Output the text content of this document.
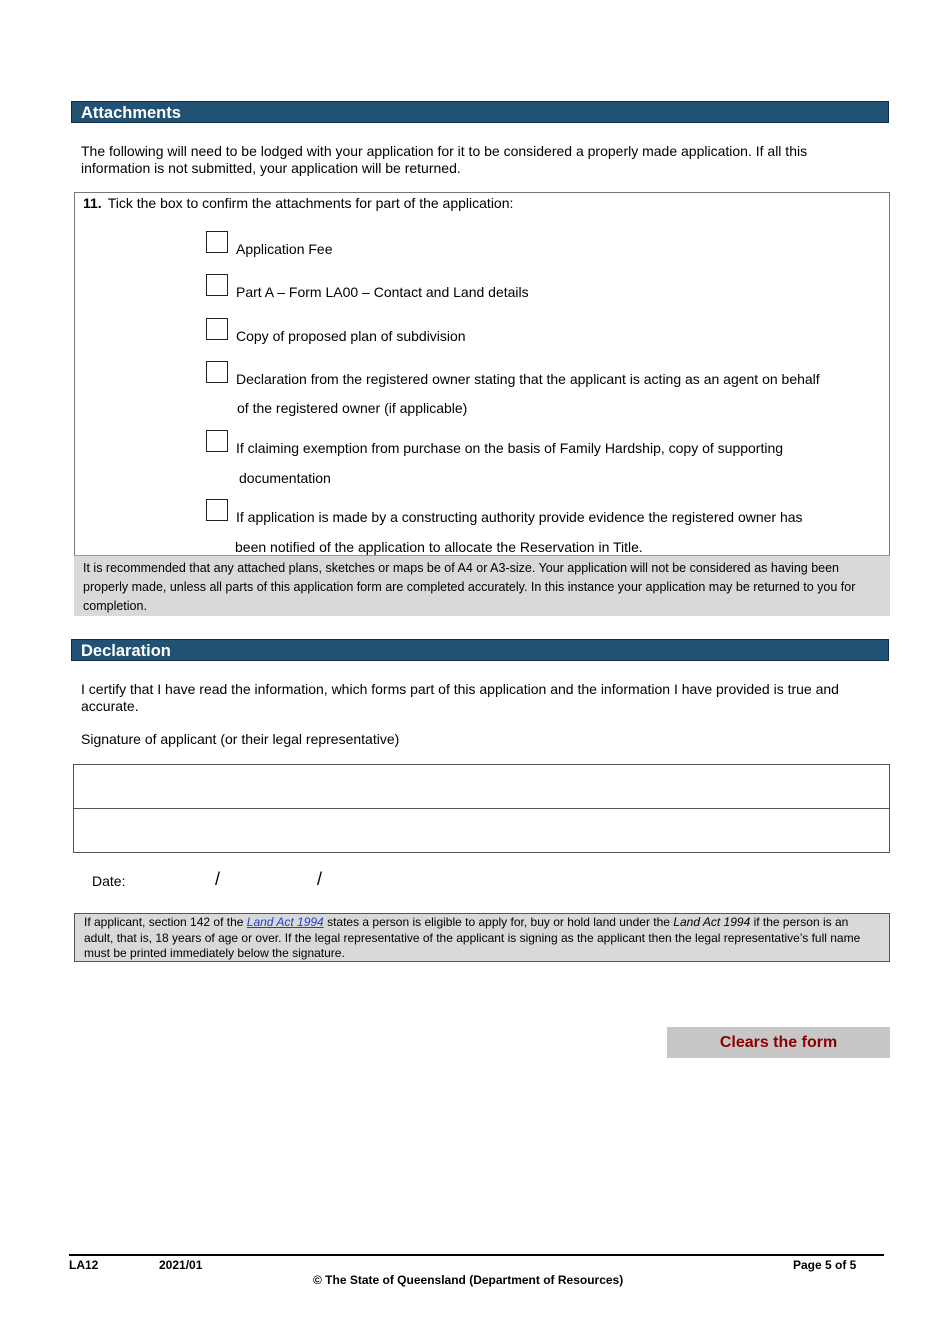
Attachments
The following will need to be lodged with your application for it to be considered a properly made application. If all this information is not submitted, your application will be returned.
11. Tick the box to confirm the attachments for part of the application:
Application Fee
Part A – Form LA00 – Contact and Land details
Copy of proposed plan of subdivision
Declaration from the registered owner stating that the applicant is acting as an agent on behalf
of the registered owner (if applicable)
If claiming exemption from purchase on the basis of Family Hardship, copy of supporting
documentation
If application is made by a constructing authority provide evidence the registered owner has
been notified of the application to allocate the Reservation in Title.
It is recommended that any attached plans, sketches or maps be of A4 or A3-size. Your application will not be considered as having been properly made, unless all parts of this application form are completed accurately. In this instance your application may be returned to you for completion.
Declaration
I certify that I have read the information, which forms part of this application and the information I have provided is true and accurate.
Signature of applicant (or their legal representative)
Date:	/	/
If applicant, section 142 of the Land Act 1994 states a person is eligible to apply for, buy or hold land under the Land Act 1994 if the person is an adult, that is, 18 years of age or over. If the legal representative of the applicant is signing as the applicant then the legal representative’s full name must be printed immediately below the signature.
Clears the form
LA12	2021/01	Page 5 of 5
© The State of Queensland (Department of Resources)
